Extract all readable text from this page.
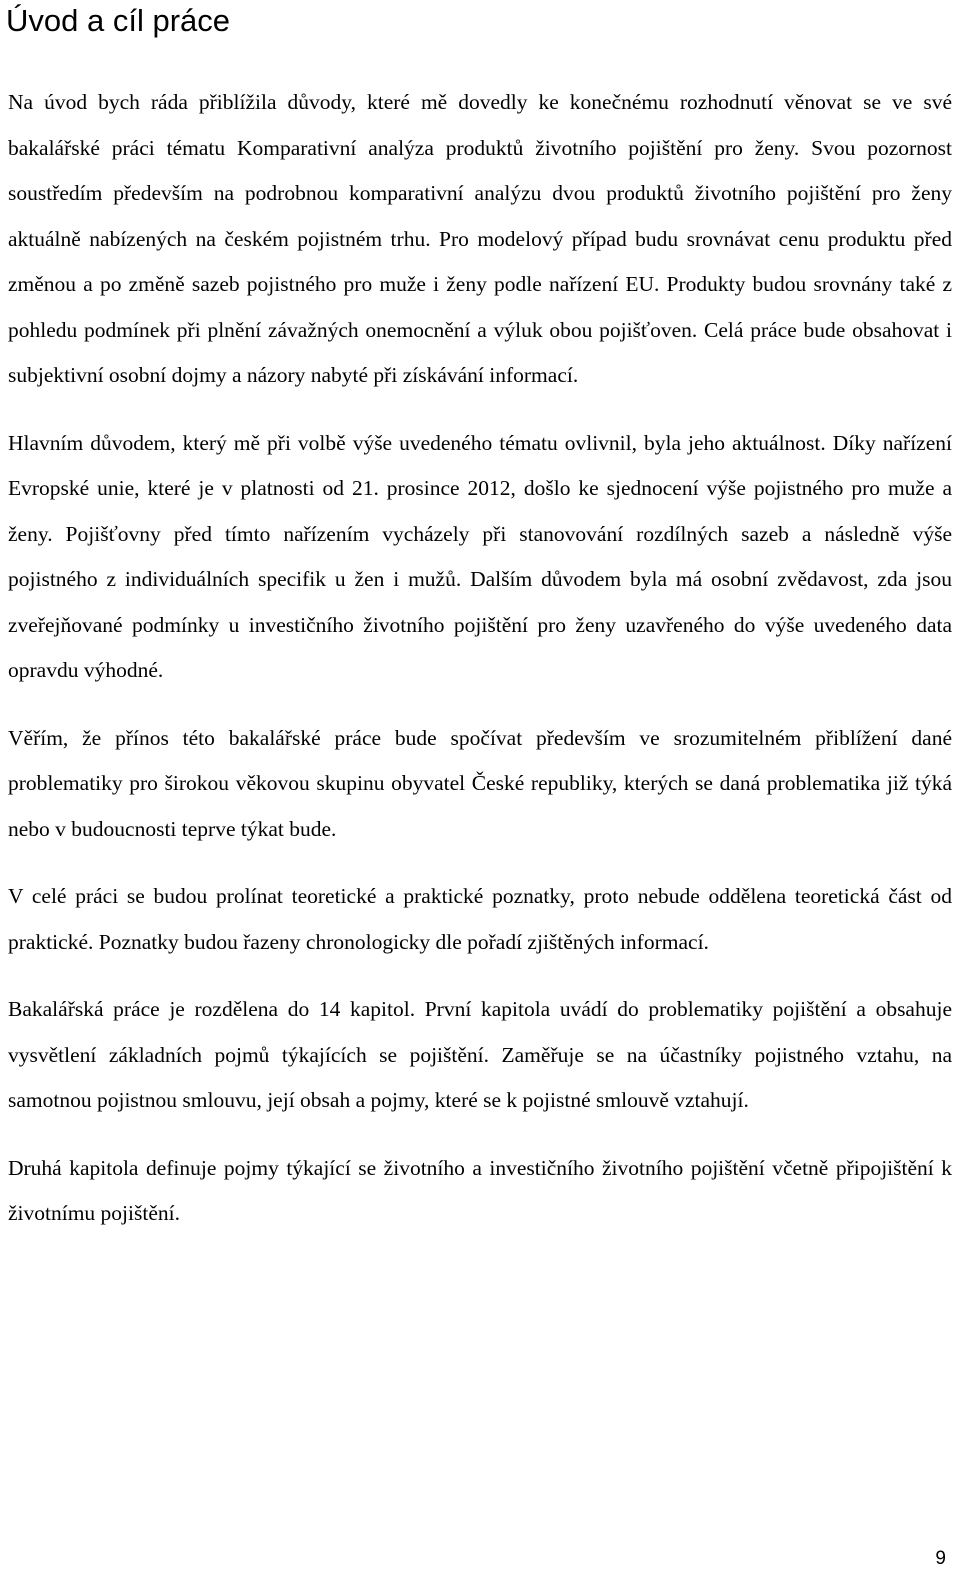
Úvod a cíl práce

Na úvod bych ráda přiblížila důvody, které mě dovedly ke konečnému rozhodnutí věnovat se ve své bakalářské práci tématu Komparativní analýza produktů životního pojištění pro ženy. Svou pozornost soustředím především na podrobnou komparativní analýzu dvou produktů životního pojištění pro ženy aktuálně nabízených na českém pojistném trhu. Pro modelový případ budu srovnávat cenu produktu před změnou a po změně sazeb pojistného pro muže i ženy podle nařízení EU. Produkty budou srovnány také z pohledu podmínek při plnění závažných onemocnění a výluk obou pojišťoven. Celá práce bude obsahovat i subjektivní osobní dojmy a názory nabyté při získávání informací.

Hlavním důvodem, který mě při volbě výše uvedeného tématu ovlivnil, byla jeho aktuálnost. Díky nařízení Evropské unie, které je v platnosti od 21. prosince 2012, došlo ke sjednocení výše pojistného pro muže a ženy. Pojišťovny před tímto nařízením vycházely při stanovování rozdílných sazeb a následně výše pojistného z individuálních specifik u žen i mužů. Dalším důvodem byla má osobní zvědavost, zda jsou zveřejňované podmínky u investičního životního pojištění pro ženy uzavřeného do výše uvedeného data opravdu výhodné.

Věřím, že přínos této bakalářské práce bude spočívat především ve srozumitelném přiblížení dané problematiky pro širokou věkovou skupinu obyvatel České republiky, kterých se daná problematika již týká nebo v budoucnosti teprve týkat bude.

V celé práci se budou prolínat teoretické a praktické poznatky, proto nebude oddělena teoretická část od praktické. Poznatky budou řazeny chronologicky dle pořadí zjištěných informací.

Bakalářská práce je rozdělena do 14 kapitol. První kapitola uvádí do problematiky pojištění a obsahuje vysvětlení základních pojmů týkajících se pojištění. Zaměřuje se na účastníky pojistného vztahu, na samotnou pojistnou smlouvu, její obsah a pojmy, které se k pojistné smlouvě vztahují.

Druhá kapitola definuje pojmy týkající se životního a investičního životního pojištění včetně připojištění k životnímu pojištění.

9
